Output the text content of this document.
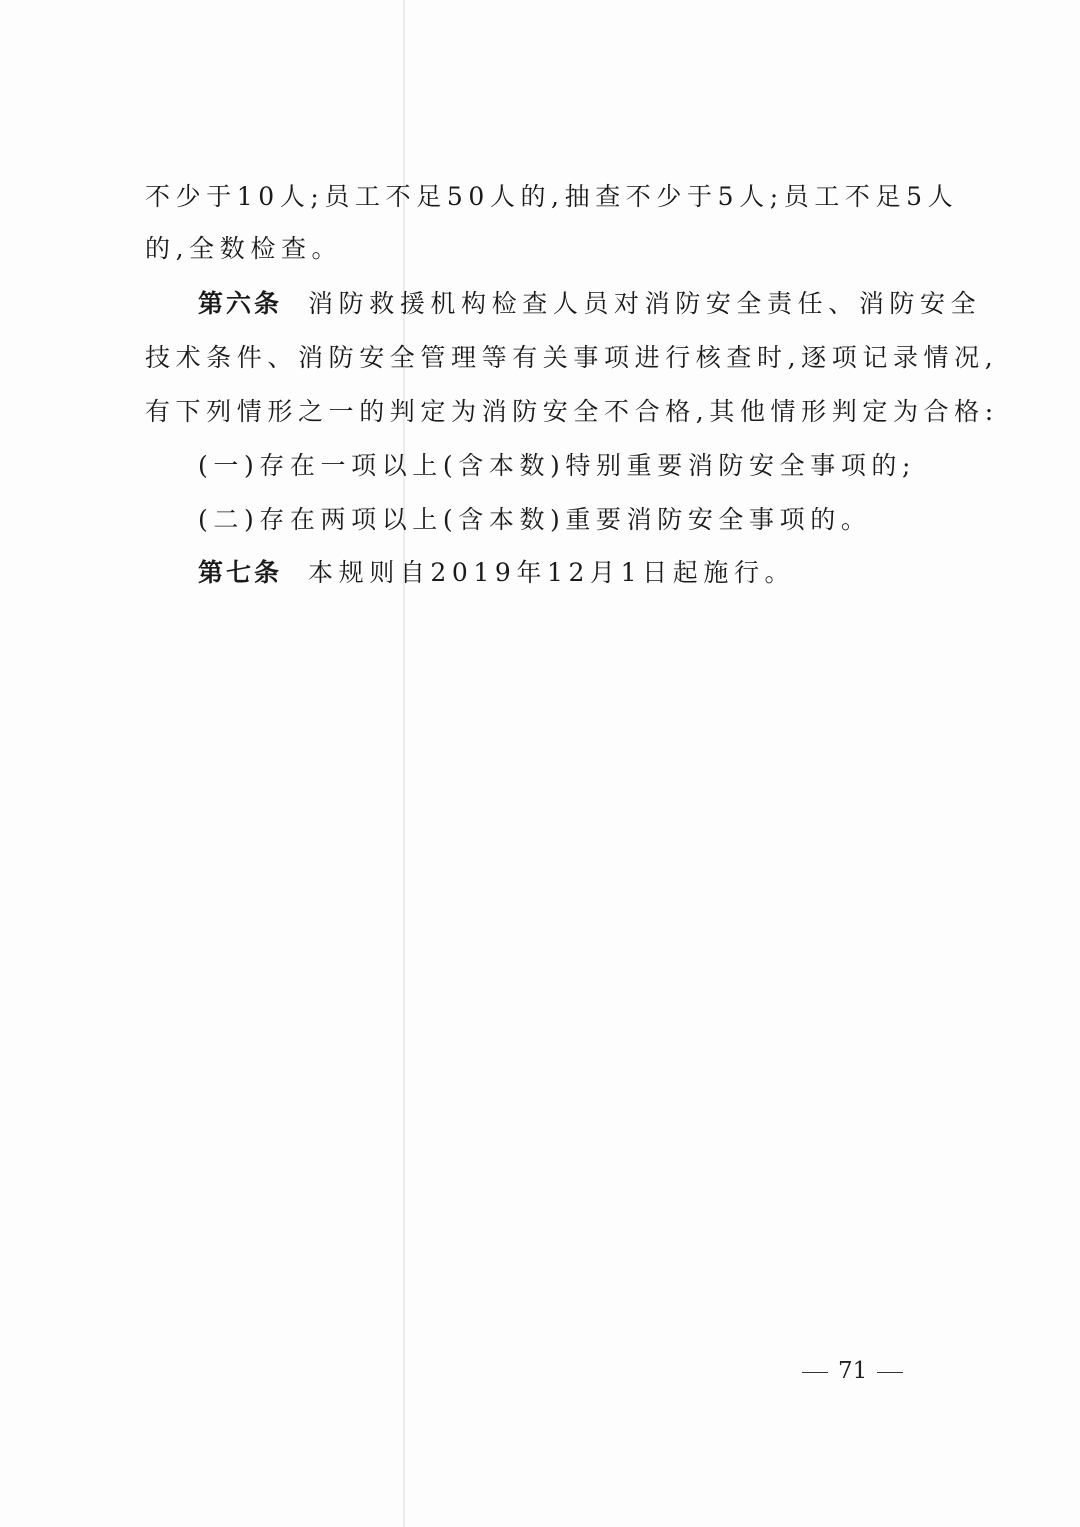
不少于10人;员工不足50人的,抽查不少于5人;员工不足5人
的,全数检查。
第六条 消防救援机构检查人员对消防安全责任、消防安全
技术条件、消防安全管理等有关事项进行核查时,逐项记录情况,
有下列情形之一的判定为消防安全不合格,其他情形判定为合格:
(一)存在一项以上(含本数)特别重要消防安全事项的;
(二)存在两项以上(含本数)重要消防安全事项的。
第七条 本规则自2019年12月1日起施行。
71
